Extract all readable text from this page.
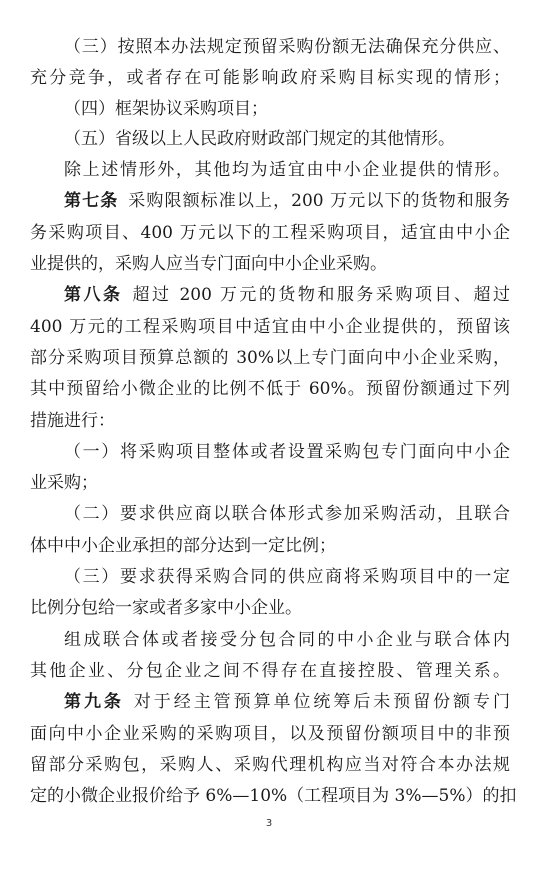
（三）按照本办法规定预留采购份额无法确保充分供应、
充分竞争，或者存在可能影响政府采购目标实现的情形；
（四）框架协议采购项目；
（五）省级以上人民政府财政部门规定的其他情形。
除上述情形外，其他均为适宜由中小企业提供的情形。
第七条 采购限额标准以上，200 万元以下的货物和服务
务采购项目、400 万元以下的工程采购项目，适宜由中小企
业提供的，采购人应当专门面向中小企业采购。
第八条 超过 200 万元的货物和服务采购项目、超过
400 万元的工程采购项目中适宜由中小企业提供的，预留该
部分采购项目预算总额的 30%以上专门面向中小企业采购，
其中预留给小微企业的比例不低于 60%。预留份额通过下列
措施进行：
（一）将采购项目整体或者设置采购包专门面向中小企
业采购；
（二）要求供应商以联合体形式参加采购活动，且联合
体中中小企业承担的部分达到一定比例；
（三）要求获得采购合同的供应商将采购项目中的一定
比例分包给一家或者多家中小企业。
组成联合体或者接受分包合同的中小企业与联合体内
其他企业、分包企业之间不得存在直接控股、管理关系。
第九条 对于经主管预算单位统筹后未预留份额专门
面向中小企业采购的采购项目，以及预留份额项目中的非预
留部分采购包，采购人、采购代理机构应当对符合本办法规
定的小微企业报价给予 6%—10%（工程项目为 3%—5%）的扣
3
